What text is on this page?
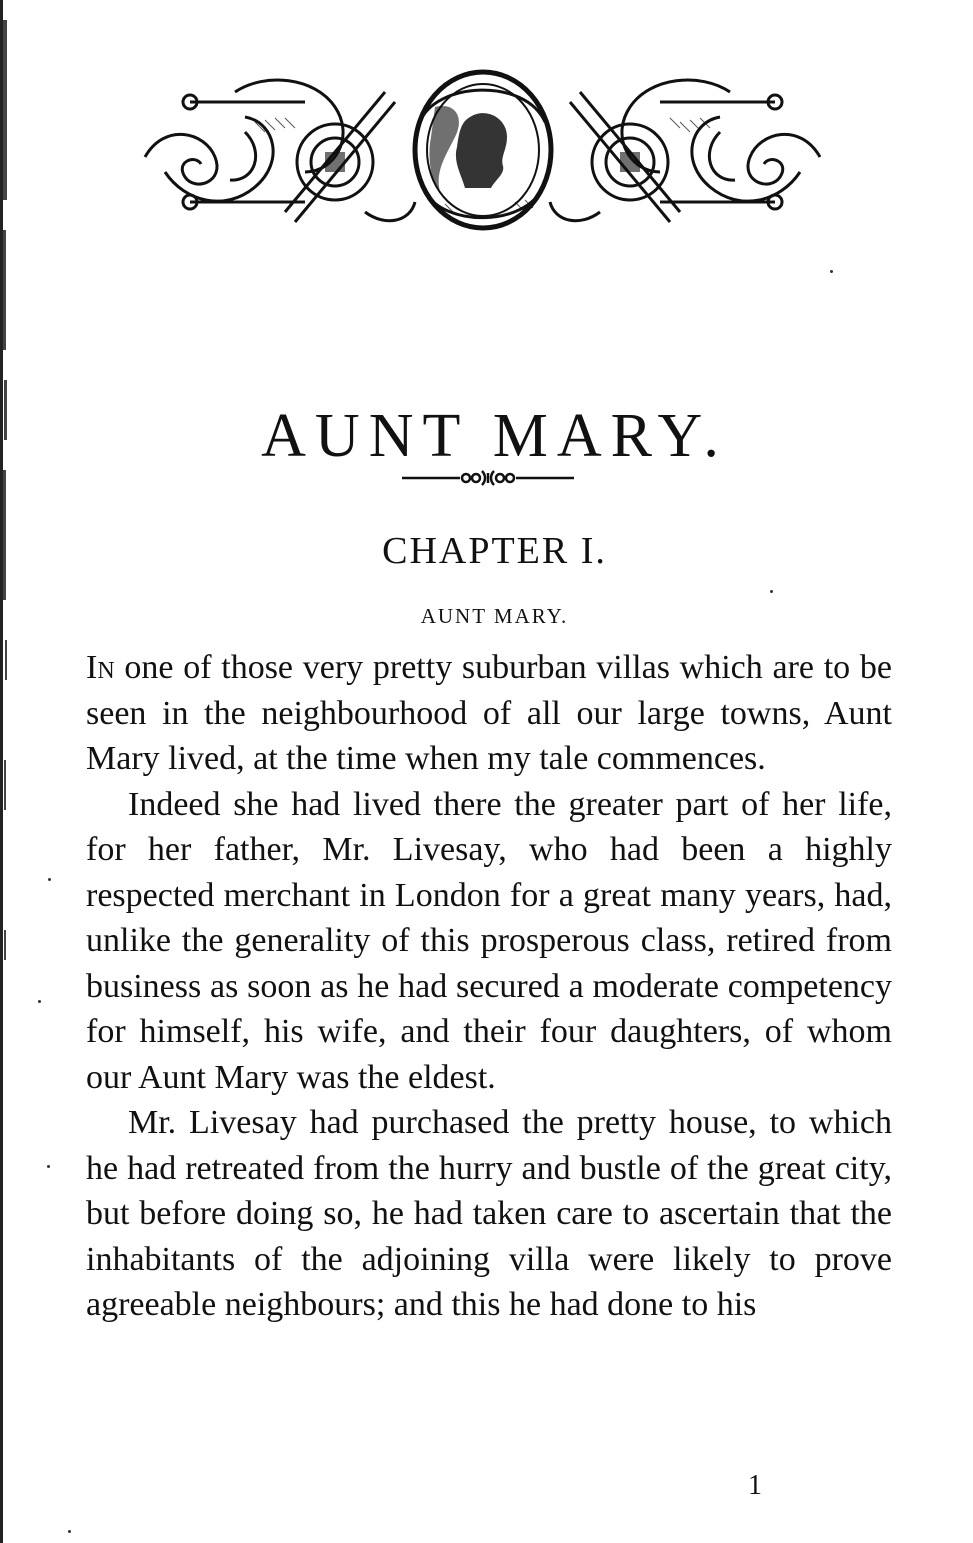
AUNT MARY.
CHAPTER I.
AUNT MARY.

In one of those very pretty suburban villas which are to be seen in the neighbourhood of all our large towns, Aunt Mary lived, at the time when my tale commences.

Indeed she had lived there the greater part of her life, for her father, Mr. Livesay, who had been a highly respected merchant in London for a great many years, had, unlike the generality of this prosperous class, retired from business as soon as he had secured a moderate competency for himself, his wife, and their four daughters, of whom our Aunt Mary was the eldest.

Mr. Livesay had purchased the pretty house, to which he had retreated from the hurry and bustle of the great city, but before doing so, he had taken care to ascertain that the inhabitants of the adjoining villa were likely to prove agreeable neighbours; and this he had done to his

1
